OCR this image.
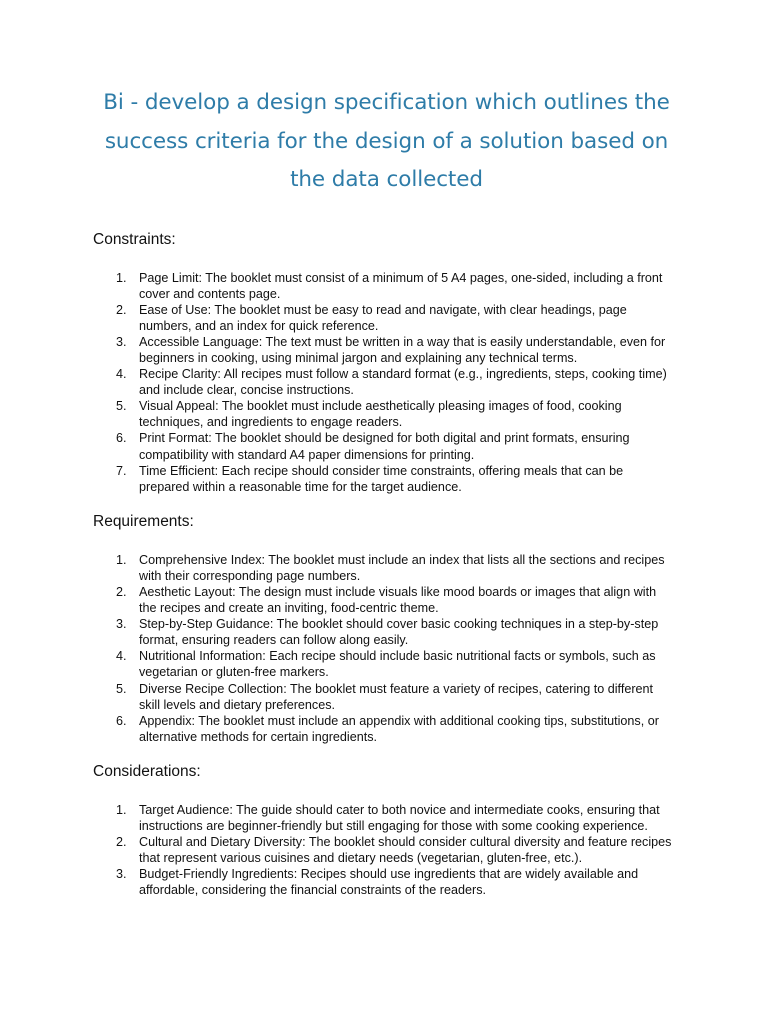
Bi - develop a design specification which outlines the success criteria for the design of a solution based on the data collected
Constraints:
1. Page Limit: The booklet must consist of a minimum of 5 A4 pages, one-sided, including a front cover and contents page.
2. Ease of Use: The booklet must be easy to read and navigate, with clear headings, page numbers, and an index for quick reference.
3. Accessible Language: The text must be written in a way that is easily understandable, even for beginners in cooking, using minimal jargon and explaining any technical terms.
4. Recipe Clarity: All recipes must follow a standard format (e.g., ingredients, steps, cooking time) and include clear, concise instructions.
5. Visual Appeal: The booklet must include aesthetically pleasing images of food, cooking techniques, and ingredients to engage readers.
6. Print Format: The booklet should be designed for both digital and print formats, ensuring compatibility with standard A4 paper dimensions for printing.
7. Time Efficient: Each recipe should consider time constraints, offering meals that can be prepared within a reasonable time for the target audience.
Requirements:
1. Comprehensive Index: The booklet must include an index that lists all the sections and recipes with their corresponding page numbers.
2. Aesthetic Layout: The design must include visuals like mood boards or images that align with the recipes and create an inviting, food-centric theme.
3. Step-by-Step Guidance: The booklet should cover basic cooking techniques in a step-by-step format, ensuring readers can follow along easily.
4. Nutritional Information: Each recipe should include basic nutritional facts or symbols, such as vegetarian or gluten-free markers.
5. Diverse Recipe Collection: The booklet must feature a variety of recipes, catering to different skill levels and dietary preferences.
6. Appendix: The booklet must include an appendix with additional cooking tips, substitutions, or alternative methods for certain ingredients.
Considerations:
1. Target Audience: The guide should cater to both novice and intermediate cooks, ensuring that instructions are beginner-friendly but still engaging for those with some cooking experience.
2. Cultural and Dietary Diversity: The booklet should consider cultural diversity and feature recipes that represent various cuisines and dietary needs (vegetarian, gluten-free, etc.).
3. Budget-Friendly Ingredients: Recipes should use ingredients that are widely available and affordable, considering the financial constraints of the readers.
